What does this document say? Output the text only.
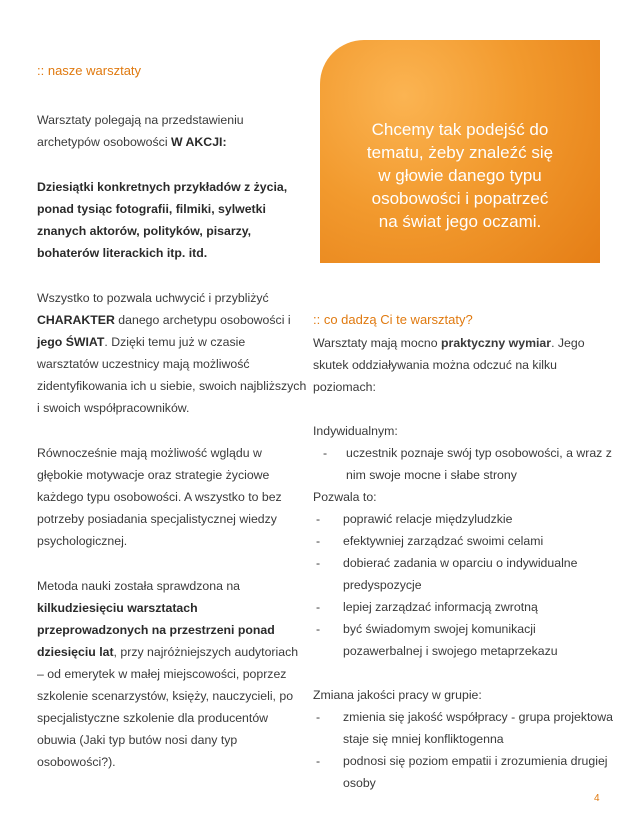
:: nasze warsztaty

Warsztaty polegają na przedstawieniu archetypów osobowości W AKCJI:

Dziesiątki konkretnych przykładów z życia, ponad tysiąc fotografii, filmiki, sylwetki znanych aktorów, polityków, pisarzy, bohaterów literackich itp. itd.

Wszystko to pozwala uchwycić i przybliżyć CHARAKTER danego archetypu osobowości i jego ŚWIAT. Dzięki temu już w czasie warsztatów uczestnicy mają możliwość zidentyfikowania ich u siebie, swoich najbliższych i swoich współpracowników.

Równocześnie mają możliwość wglądu w głębokie motywacje oraz strategie życiowe każdego typu osobowości. A wszystko to bez potrzeby posiadania specjalistycznej wiedzy psychologicznej.

Metoda nauki została sprawdzona na kilkudziesięciu warsztatach przeprowadzonych na przestrzeni ponad dziesięciu lat, przy najróżniejszych audytoriach – od emerytek w małej miejscowości, poprzez szkolenie scenarzystów, księży, nauczycieli, po specjalistyczne szkolenie dla producentów obuwia (Jaki typ butów nosi dany typ osobowości?).

Chcemy tak podejść do
tematu, żeby znaleźć się
w głowie danego typu
osobowości i popatrzeć
na świat jego oczami.
:: co dadzą Ci te warsztaty?

Warsztaty mają mocno praktyczny wymiar. Jego skutek oddziaływania można odczuć na kilku poziomach:

Indywidualnym:

- uczestnik poznaje swój typ osobowości, a wraz z nim swoje mocne i słabe strony

Pozwala to:

- poprawić relacje międzyludzkie
- efektywniej zarządzać swoimi celami
- dobierać zadania w oparciu o indywidualne predyspozycje
- lepiej zarządzać informacją zwrotną
- być świadomym swojej komunikacji pozawerbalnej i swojego metaprzekazu

Zmiana jakości pracy w grupie:

- zmienia się jakość współpracy - grupa projektowa staje się mniej konfliktogenna
- podnosi się poziom empatii i zrozumienia drugiej osoby
4
